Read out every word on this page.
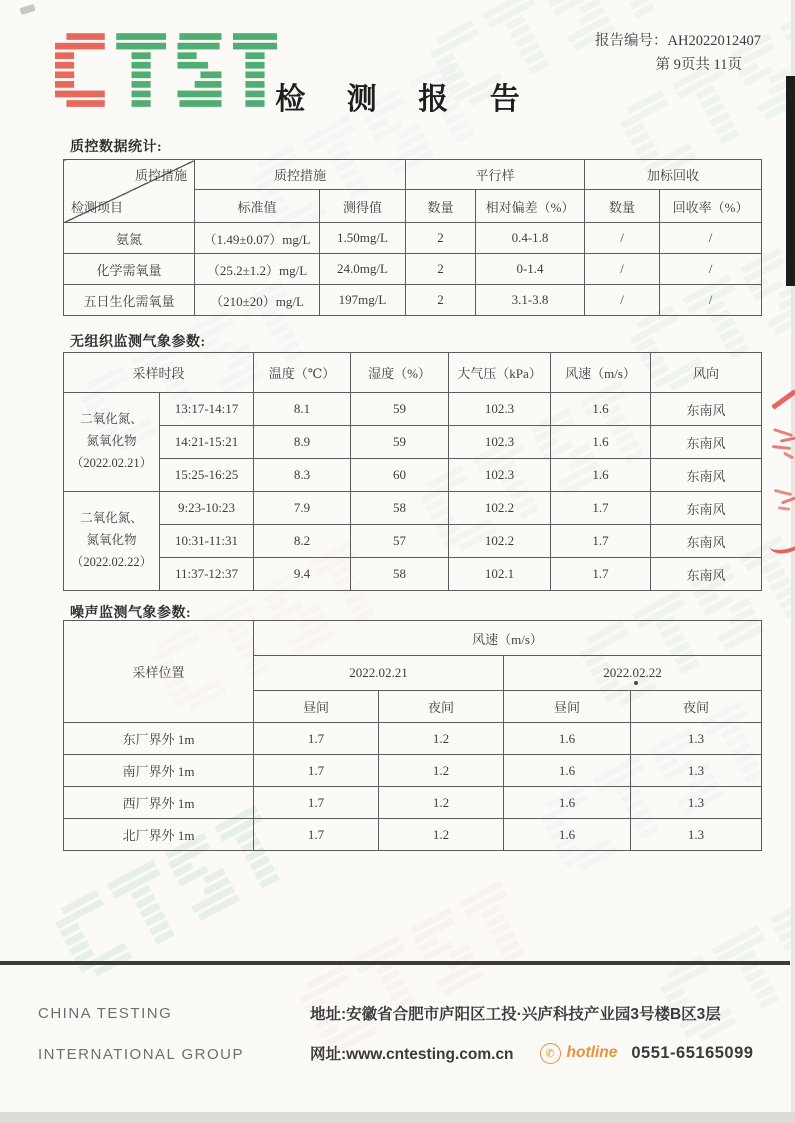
报告编号：AH2022012407
第 9页共 11页
检 测 报 告
质控数据统计:
质控措施
检测项目	质控措施		平行样		加标回收	
	标准值	测得值	数量	相对偏差（%）	数量	回收率（%）
氨氮	（1.49±0.07）mg/L	1.50mg/L	2	0.4-1.8	/	/
化学需氧量	（25.2±1.2）mg/L	24.0mg/L	2	0-1.4	/	/
五日生化需氧量	（210±20）mg/L	197mg/L	2	3.1-3.8	/	/
无组织监测气象参数:
采样时段		温度（℃）	湿度（%）	大气压（kPa）	风速（m/s）	风向

二氧化氮、
氮氧化物
（2022.02.21）	13:17-14:17	8.1	59	102.3	1.6	东南风
	14:21-15:21	8.9	59	102.3	1.6	东南风
	15:25-16:25	8.3	60	102.3	1.6	东南风

二氧化氮、
氮氧化物
（2022.02.22）	9:23-10:23	7.9	58	102.2	1.7	东南风
	10:31-11:31	8.2	57	102.2	1.7	东南风
	11:37-12:37	9.4	58	102.1	1.7	东南风
噪声监测气象参数:
采样位置	风速（m/s）			
	2022.02.21		2022.02.22	
	昼间	夜间	昼间	夜间
东厂界外 1m	1.7	1.2	1.6	1.3
南厂界外 1m	1.7	1.2	1.6	1.3
西厂界外 1m	1.7	1.2	1.6	1.3
北厂界外 1m	1.7	1.2	1.6	1.3
CHINA TESTING
INTERNATIONAL GROUP
地址:安徽省合肥市庐阳区工投·兴庐科技产业园3号楼B区3层
网址:www.cntesting.com.cn	✆ hotline 0551-65165099
